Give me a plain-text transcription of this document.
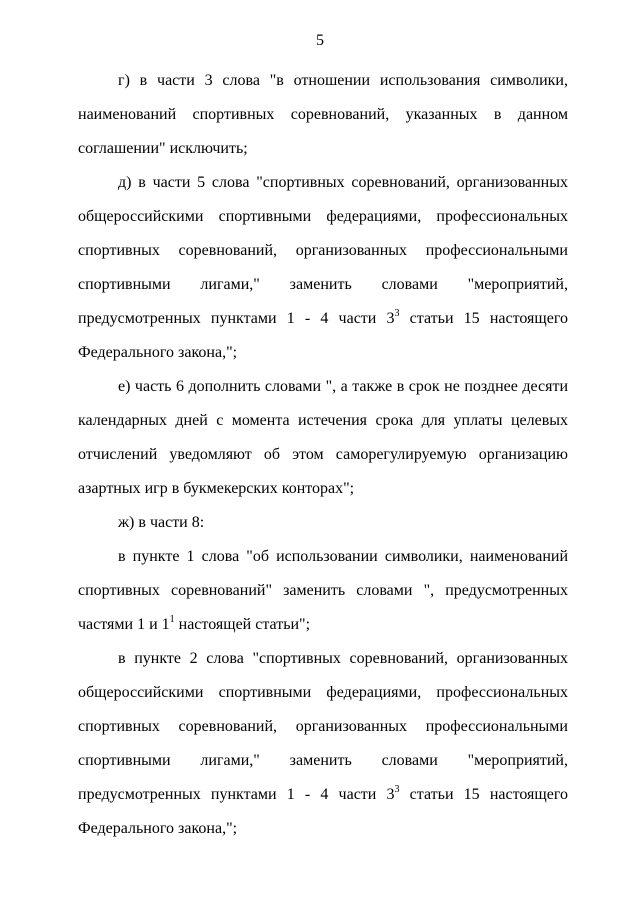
5

г) в части 3 слова "в отношении использования символики, наименований спортивных соревнований, указанных в данном соглашении" исключить;

д) в части 5 слова "спортивных соревнований, организованных общероссийскими спортивными федерациями, профессиональных спортивных соревнований, организованных профессиональными спортивными лигами," заменить словами "мероприятий, предусмотренных пунктами 1 - 4 части $3^3$ статьи 15 настоящего Федерального закона,";

е) часть 6 дополнить словами ", а также в срок не позднее десяти календарных дней с момента истечения срока для уплаты целевых отчислений уведомляют об этом саморегулируемую организацию азартных игр в букмекерских конторах";

ж) в части 8:

в пункте 1 слова "об использовании символики, наименований спортивных соревнований" заменить словами ", предусмотренных частями 1 и $1^1$ настоящей статьи";

в пункте 2 слова "спортивных соревнований, организованных общероссийскими спортивными федерациями, профессиональных спортивных соревнований, организованных профессиональными спортивными лигами," заменить словами "мероприятий, предусмотренных пунктами 1 - 4 части $3^3$ статьи 15 настоящего Федерального закона,";
